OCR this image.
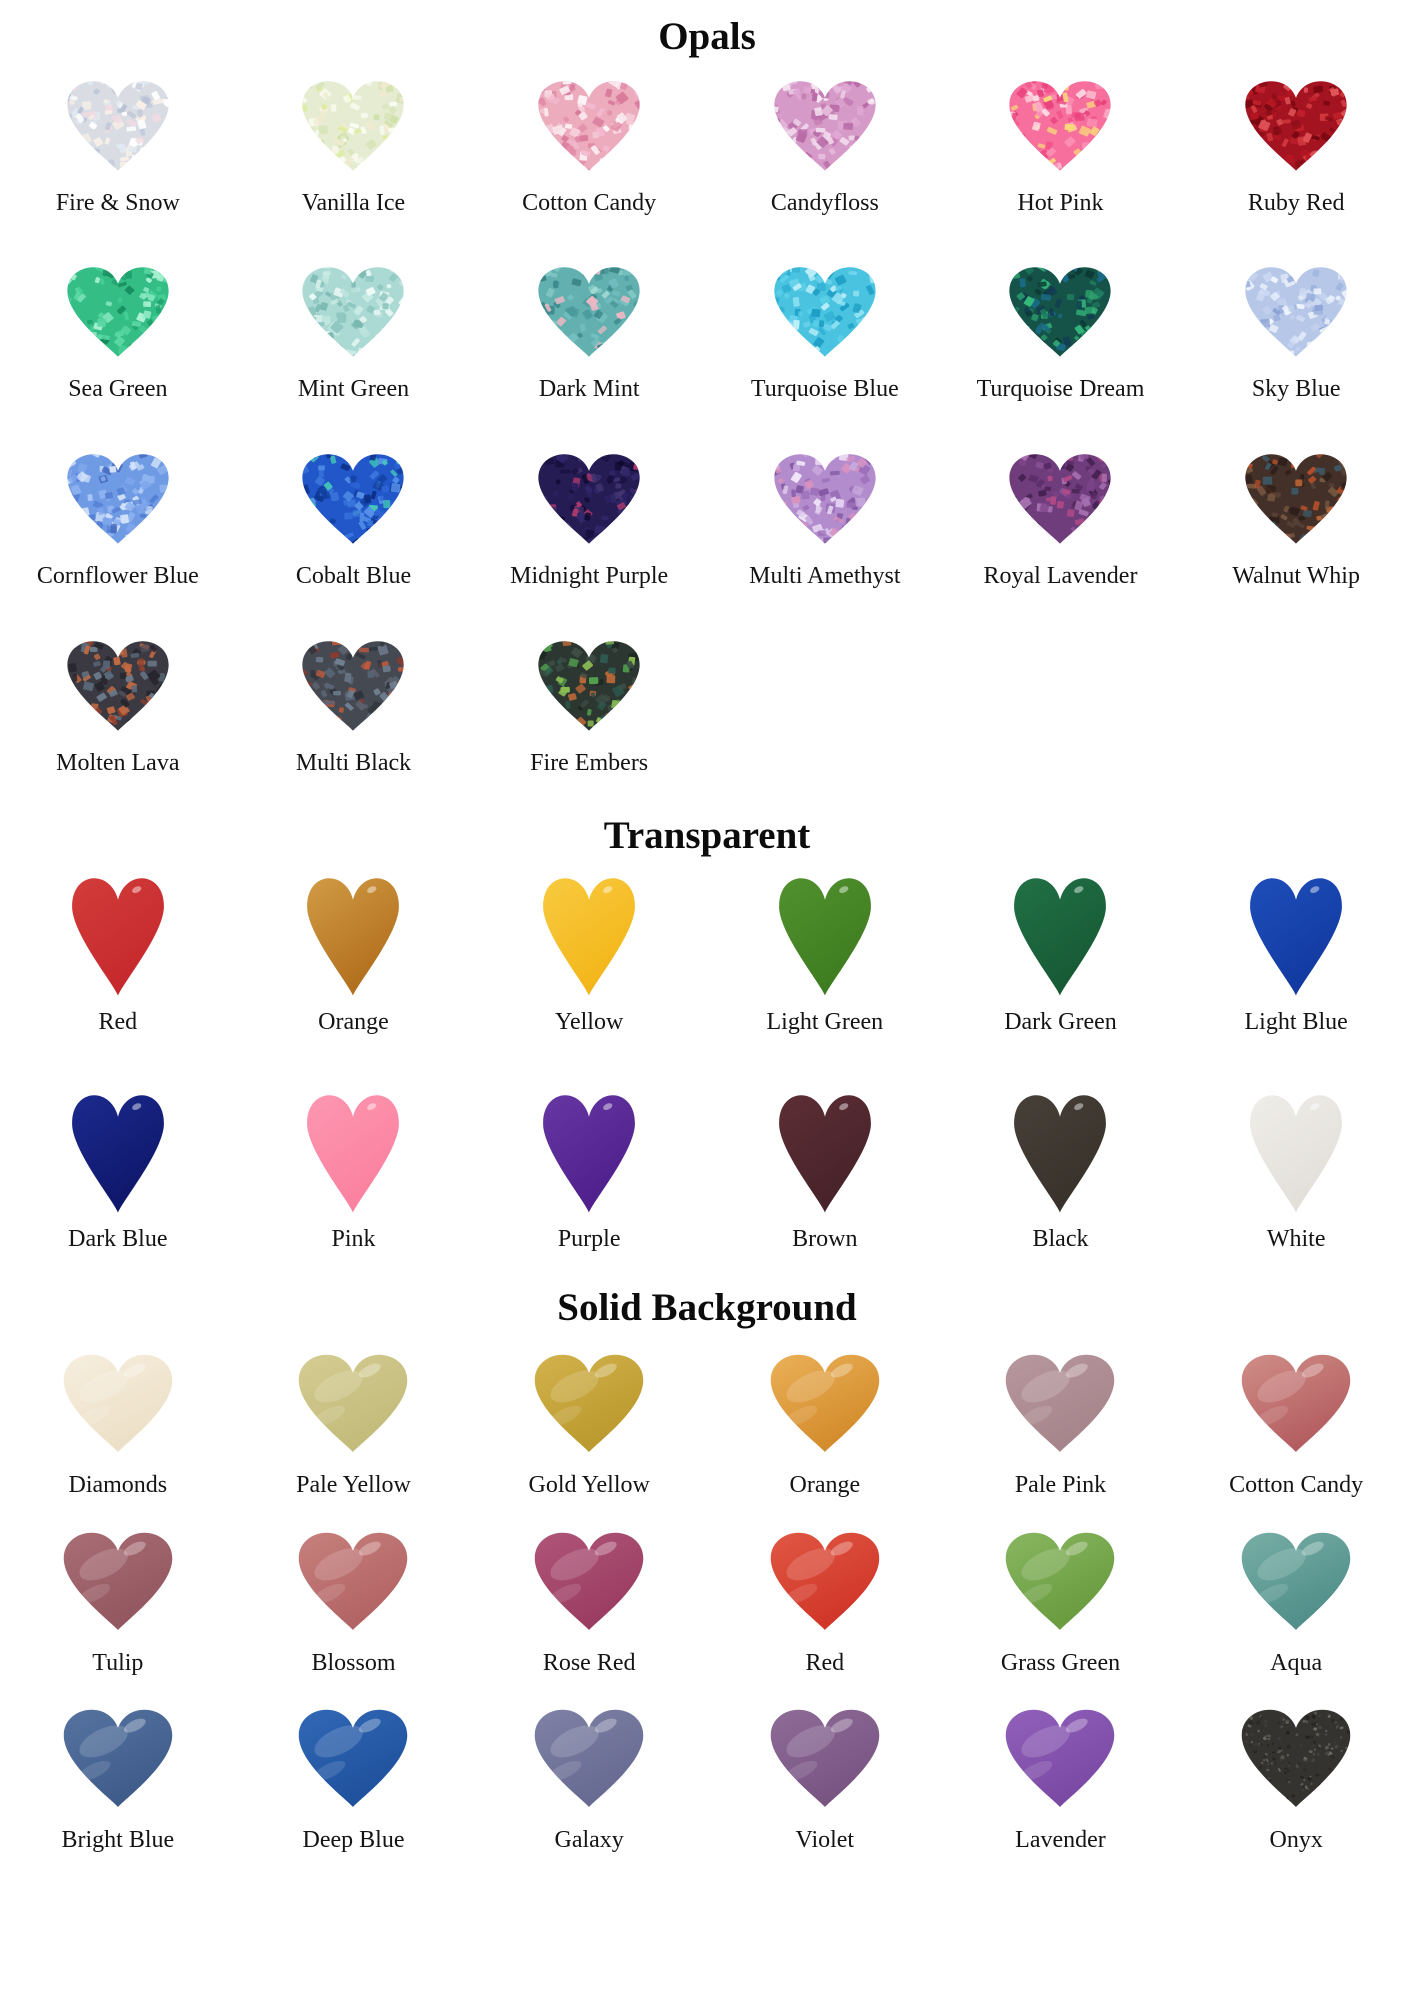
Opals
Fire & Snow	Vanilla Ice	Cotton Candy	Candyfloss	Hot Pink	Ruby Red
Sea Green	Mint Green	Dark Mint	Turquoise Blue	Turquoise Dream	Sky Blue
Cornflower Blue	Cobalt Blue	Midnight Purple	Multi Amethyst	Royal Lavender	Walnut Whip
Molten Lava	Multi Black	Fire Embers
Transparent
Red	Orange	Yellow	Light Green	Dark Green	Light Blue
Dark Blue	Pink	Purple	Brown	Black	White
Solid Background
Diamonds	Pale Yellow	Gold Yellow	Orange	Pale Pink	Cotton Candy
Tulip	Blossom	Rose Red	Red	Grass Green	Aqua
Bright Blue	Deep Blue	Galaxy	Violet	Lavender	Onyx
